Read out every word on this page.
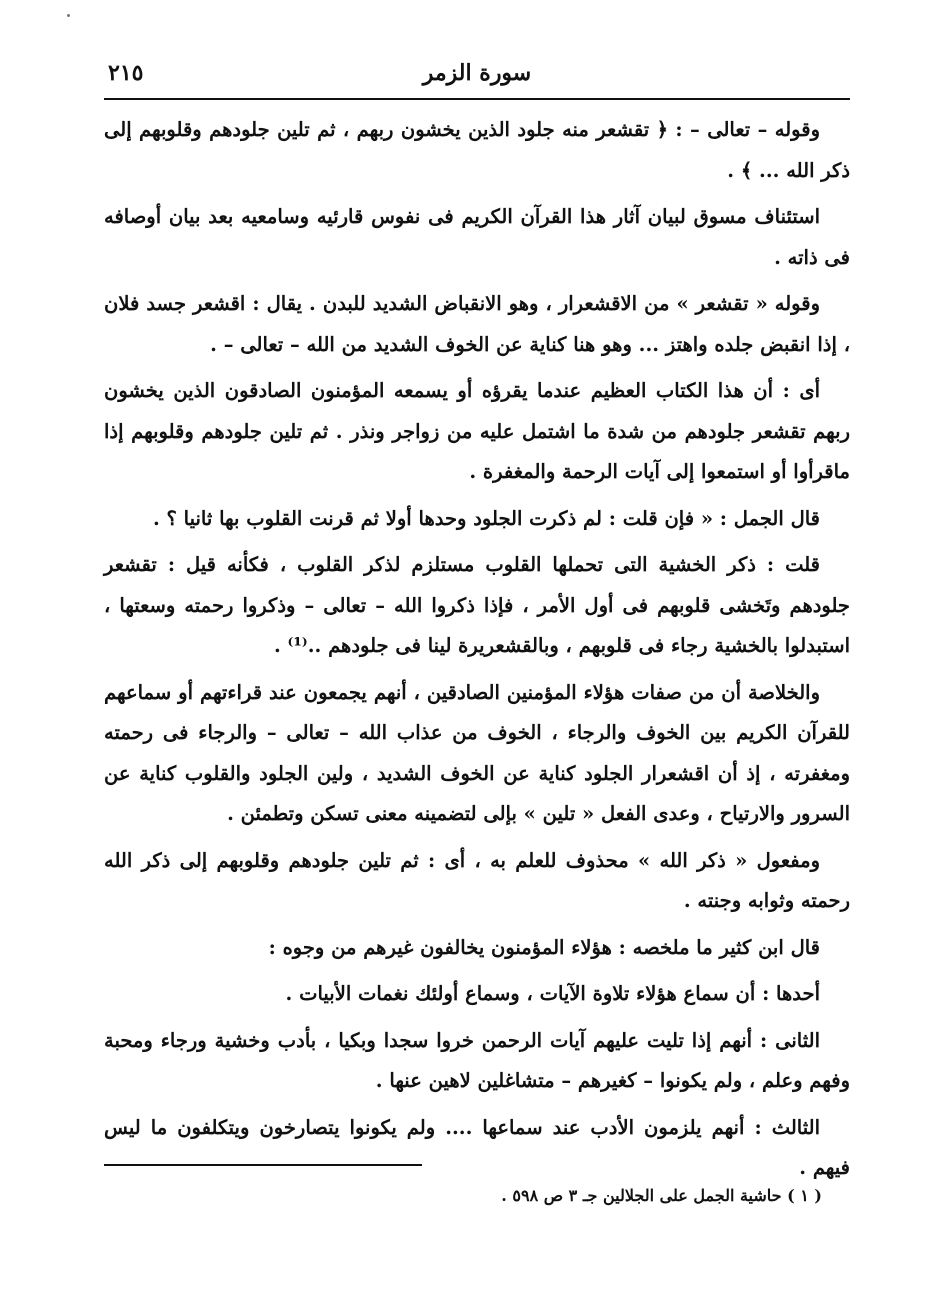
سورة الزمر
٢١٥

وقوله – تعالى – : ﴿ تقشعر منه جلود الذين يخشون ربهم ، ثم تلين جلودهم وقلوبهم إلى ذكر الله ... ﴾ .

استئناف مسوق لبيان آثار هذا القرآن الكريم فى نفوس قارئيه وسامعيه بعد بيان أوصافه فى ذاته .

وقوله « تقشعر » من الاقشعرار ، وهو الانقباض الشديد للبدن . يقال : اقشعر جسد فلان ، إذا انقبض جلده واهتز ... وهو هنا كناية عن الخوف الشديد من الله – تعالى – .

أى : أن هذا الكتاب العظيم عندما يقرؤه أو يسمعه المؤمنون الصادقون الذين يخشون ربهم تقشعر جلودهم من شدة ما اشتمل عليه من زواجر ونذر . ثم تلين جلودهم وقلوبهم إذا ماقرأوا أو استمعوا إلى آيات الرحمة والمغفرة .

قال الجمل : « فإن قلت : لم ذكرت الجلود وحدها أولا ثم قرنت القلوب بها ثانيا ؟ .

قلت : ذكر الخشية التى تحملها القلوب مستلزم لذكر القلوب ، فكأنه قيل : تقشعر جلودهم وتَخشى قلوبهم فى أول الأمر ، فإذا ذكروا الله – تعالى – وذكروا رحمته وسعتها ، استبدلوا بالخشية رجاء فى قلوبهم ، وبالقشعريرة لينا فى جلودهم ..⁽¹⁾ .

والخلاصة أن من صفات هؤلاء المؤمنين الصادقين ، أنهم يجمعون عند قراءتهم أو سماعهم للقرآن الكريم بين الخوف والرجاء ، الخوف من عذاب الله – تعالى – والرجاء فى رحمته ومغفرته ، إذ أن اقشعرار الجلود كناية عن الخوف الشديد ، ولين الجلود والقلوب كناية عن السرور والارتياح ، وعدى الفعل « تلين » بإلى لتضمينه معنى تسكن وتطمئن .

ومفعول « ذكر الله » محذوف للعلم به ، أى : ثم تلين جلودهم وقلوبهم إلى ذكر الله رحمته وثوابه وجنته .

قال ابن كثير ما ملخصه : هؤلاء المؤمنون يخالفون غيرهم من وجوه :

أحدها : أن سماع هؤلاء تلاوة الآيات ، وسماع أولئك نغمات الأبيات .

الثانى : أنهم إذا تليت عليهم آيات الرحمن خروا سجدا وبكيا ، بأدب وخشية ورجاء ومحبة وفهم وعلم ، ولم يكونوا – كغيرهم – متشاغلين لاهين عنها .

الثالث : أنهم يلزمون الأدب عند سماعها .... ولم يكونوا يتصارخون ويتكلفون ما ليس فيهم .

( ١ ) حاشية الجمل على الجلالين جـ ٣ ص ٥٩٨ .
